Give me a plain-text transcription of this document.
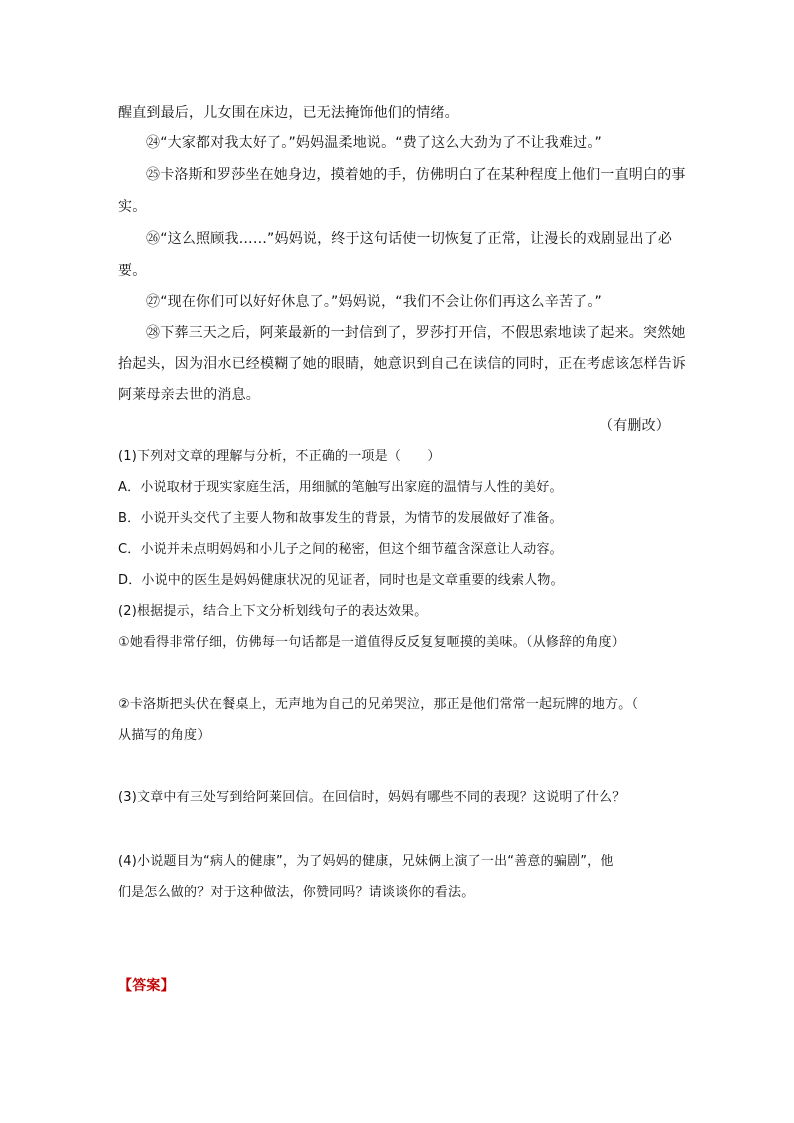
醒直到最后，儿女围在床边，已无法掩饰他们的情绪。
㉔“大家都对我太好了。”妈妈温柔地说。“费了这么大劲为了不让我难过。”
㉕卡洛斯和罗莎坐在她身边，摸着她的手，仿佛明白了在某种程度上他们一直明白的事
实。
㉖“这么照顾我……”妈妈说，终于这句话使一切恢复了正常，让漫长的戏剧显出了必
要。
㉗“现在你们可以好好休息了。”妈妈说，“我们不会让你们再这么辛苦了。”
㉘下葬三天之后，阿莱最新的一封信到了，罗莎打开信，不假思索地读了起来。突然她
抬起头，因为泪水已经模糊了她的眼睛，她意识到自己在读信的同时，正在考虑该怎样告诉
阿莱母亲去世的消息。
（有删改）
(1)下列对文章的理解与分析，不正确的一项是（　　）
A．小说取材于现实家庭生活，用细腻的笔触写出家庭的温情与人性的美好。
B．小说开头交代了主要人物和故事发生的背景，为情节的发展做好了准备。
C．小说并未点明妈妈和小儿子之间的秘密，但这个细节蕴含深意让人动容。
D．小说中的医生是妈妈健康状况的见证者，同时也是文章重要的线索人物。
(2)根据提示，结合上下文分析划线句子的表达效果。
①她看得非常仔细，仿佛每一句话都是一道值得反反复复咂摸的美味。（从修辞的角度）
②卡洛斯把头伏在餐桌上，无声地为自己的兄弟哭泣，那正是他们常常一起玩牌的地方。（
从描写的角度）
(3)文章中有三处写到给阿莱回信。在回信时，妈妈有哪些不同的表现？这说明了什么？
(4)小说题目为“病人的健康”，为了妈妈的健康，兄妹俩上演了一出“善意的骗剧”，他
们是怎么做的？对于这种做法，你赞同吗？请谈谈你的看法。
【答案】
